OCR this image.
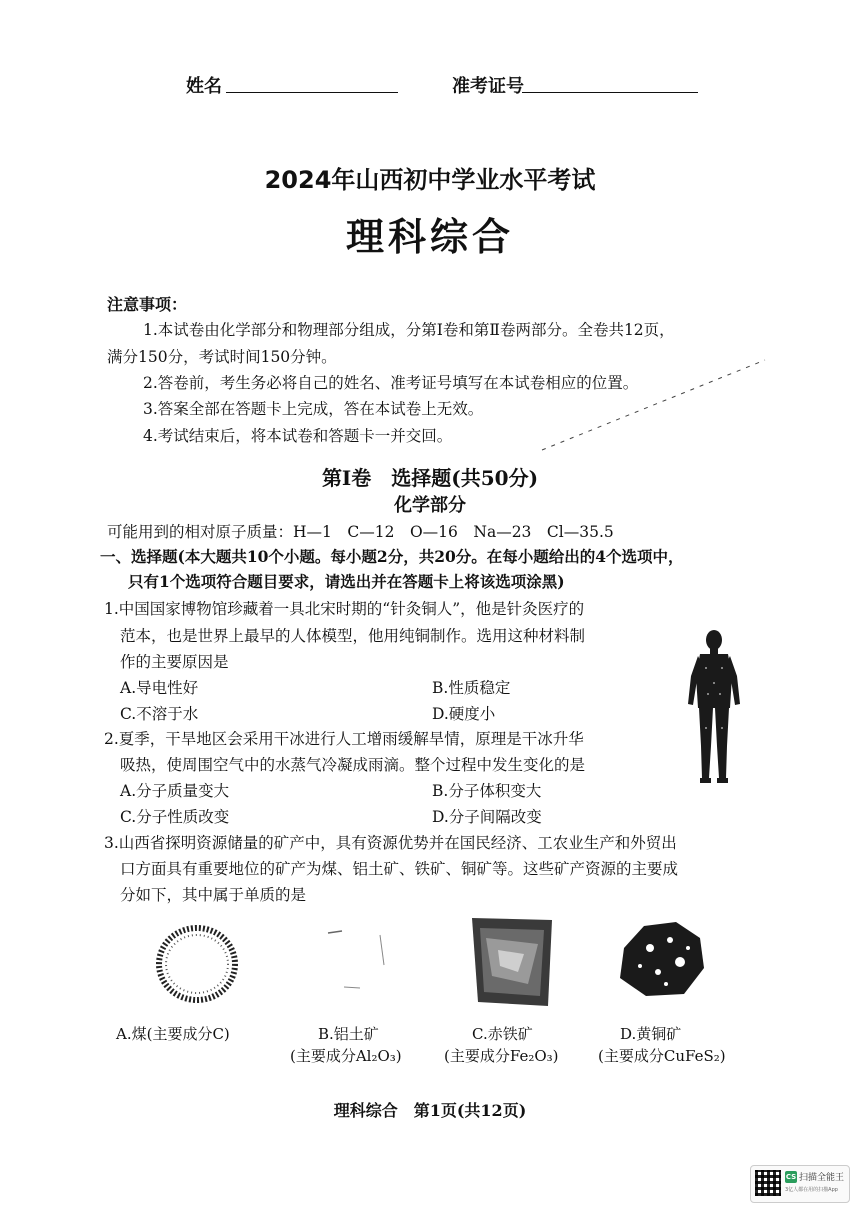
姓名	准考证号
2024年山西初中学业水平考试
理科综合
注意事项：
1.本试卷由化学部分和物理部分组成，分第Ⅰ卷和第Ⅱ卷两部分。全卷共12页，
满分150分，考试时间150分钟。
2.答卷前，考生务必将自己的姓名、准考证号填写在本试卷相应的位置。
3.答案全部在答题卡上完成，答在本试卷上无效。
4.考试结束后，将本试卷和答题卡一并交回。
第Ⅰ卷　选择题(共50分)
化学部分
可能用到的相对原子质量：H—1　C—12　O—16　Na—23　Cl—35.5
一、选择题(本大题共10个小题。每小题2分，共20分。在每小题给出的4个选项中，
只有1个选项符合题目要求，请选出并在答题卡上将该选项涂黑)
1.中国国家博物馆珍藏着一具北宋时期的“针灸铜人”，他是针灸医疗的
范本，也是世界上最早的人体模型，他用纯铜制作。选用这种材料制
作的主要原因是
A.导电性好	B.性质稳定
C.不溶于水	D.硬度小
2.夏季，干旱地区会采用干冰进行人工增雨缓解旱情，原理是干冰升华
吸热，使周围空气中的水蒸气冷凝成雨滴。整个过程中发生变化的是
A.分子质量变大	B.分子体积变大
C.分子性质改变	D.分子间隔改变
3.山西省探明资源储量的矿产中，具有资源优势并在国民经济、工农业生产和外贸出
口方面具有重要地位的矿产为煤、铝土矿、铁矿、铜矿等。这些矿产资源的主要成
分如下，其中属于单质的是
A.煤(主要成分C)	B.铝土矿
(主要成分Al₂O₃)
C.赤铁矿
(主要成分Fe₂O₃)
D.黄铜矿
(主要成分CuFeS₂)
理科综合　第1页(共12页)
CS 扫描全能王
3亿人都在用的扫描App
